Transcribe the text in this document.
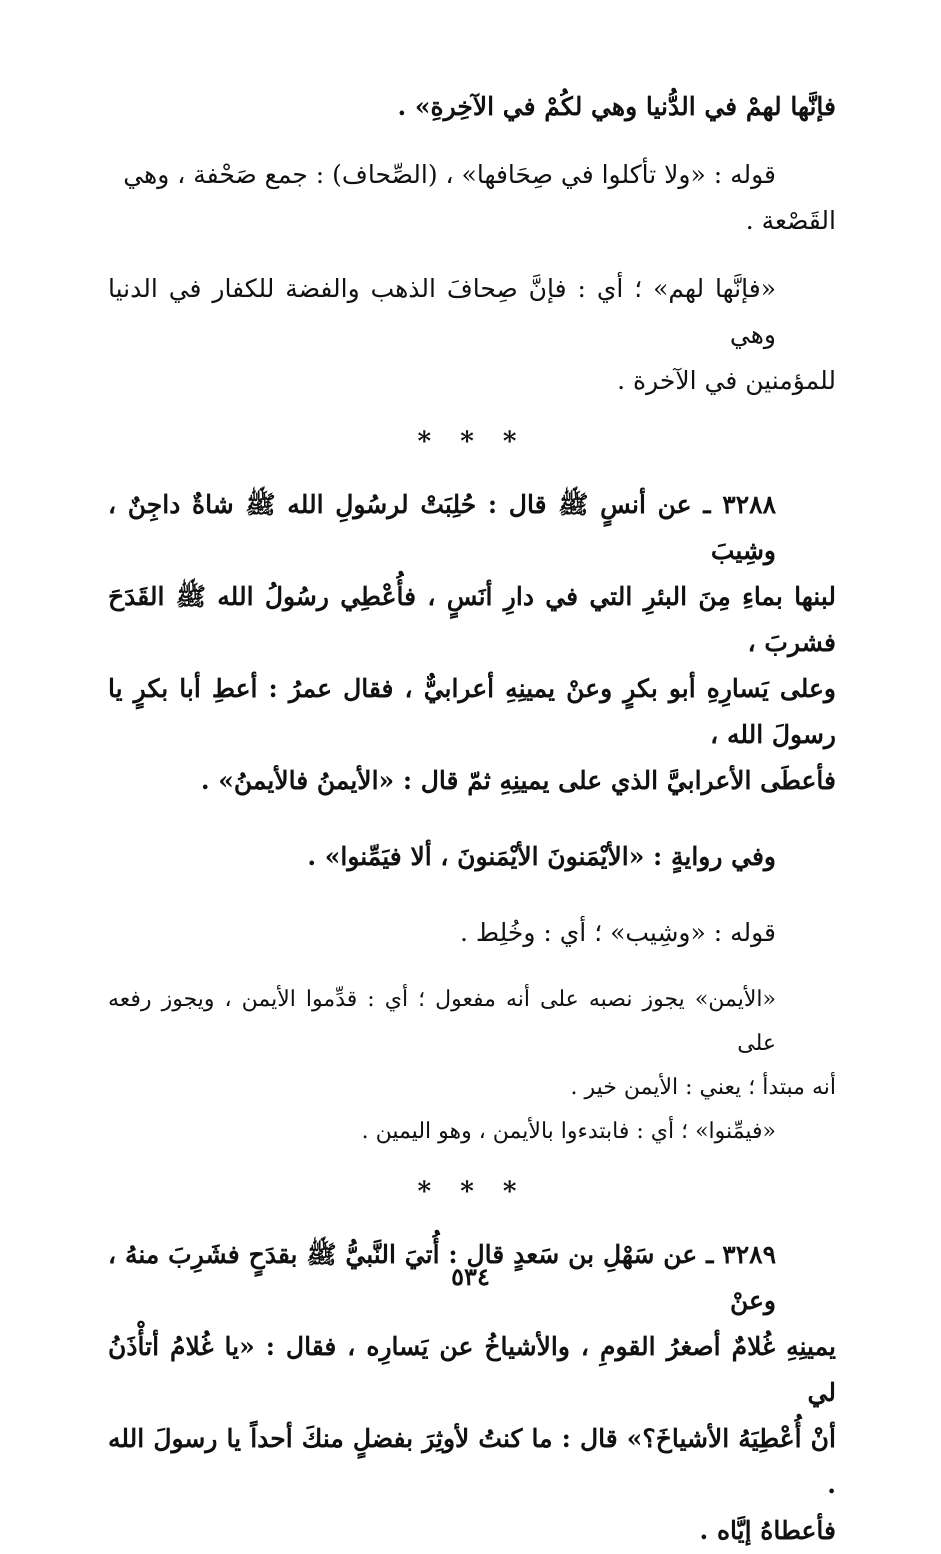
فإنَّها لهمْ في الدُّنيا وهي لكُمْ في الآخِرةِ» .

قوله : «ولا تأكلوا في صِحَافها» ، (الصِّحاف) : جمع صَحْفة ، وهي

القَصْعة .

«فإنَّها لهم» ؛ أي : فإنَّ صِحافَ الذهب والفضة للكفار في الدنيا وهي

للمؤمنين في الآخرة .

* * *

٣٢٨٨ ـ عن أنسٍ ﷺ قال : حُلِبَتْ لرسُولِ الله ﷺ شاةٌ داجِنٌ ، وشِيبَ

لبنها بماءِ مِنَ البئرِ التي في دارِ أنَسٍ ، فأُعْطِي رسُولُ الله ﷺ القَدَحَ فشربَ ،

وعلى يَسارِهِ أبو بكرٍ وعنْ يمينِهِ أعرابيٌّ ، فقال عمرُ : أعطِ أبا بكرٍ يا رسولَ الله ،

فأعطَى الأعرابيَّ الذي على يمينِهِ ثمّ قال : «الأيمنُ فالأيمنُ» .

وفي روايةٍ : «الأيْمَنونَ الأيْمَنونَ ، ألا فيَمِّنوا» .

قوله : «وشِيب» ؛ أي : وخُلِط .

«الأيمن» يجوز نصبه على أنه مفعول ؛ أي : قدِّموا الأيمن ، ويجوز رفعه على

أنه مبتدأ ؛ يعني : الأيمن خير .

«فيمِّنوا» ؛ أي : فابتدءوا بالأيمن ، وهو اليمين .

* * *

٣٢٨٩ ـ عن سَهْلِ بن سَعدٍ قال : أُتيَ النَّبيُّ ﷺ بقدَحٍ فشَرِبَ منهُ ، وعنْ

يمينِهِ غُلامٌ أصغرُ القومِ ، والأشياخُ عن يَسارِه ، فقال : «يا غُلامُ أتأْذَنُ لي

أنْ أُعْطِيَهُ الأشياخَ؟» قال : ما كنتُ لأوثِرَ بفضلٍ منكَ أحداً يا رسولَ الله .

فأعطاهُ إيَّاه .

٥٣٤
